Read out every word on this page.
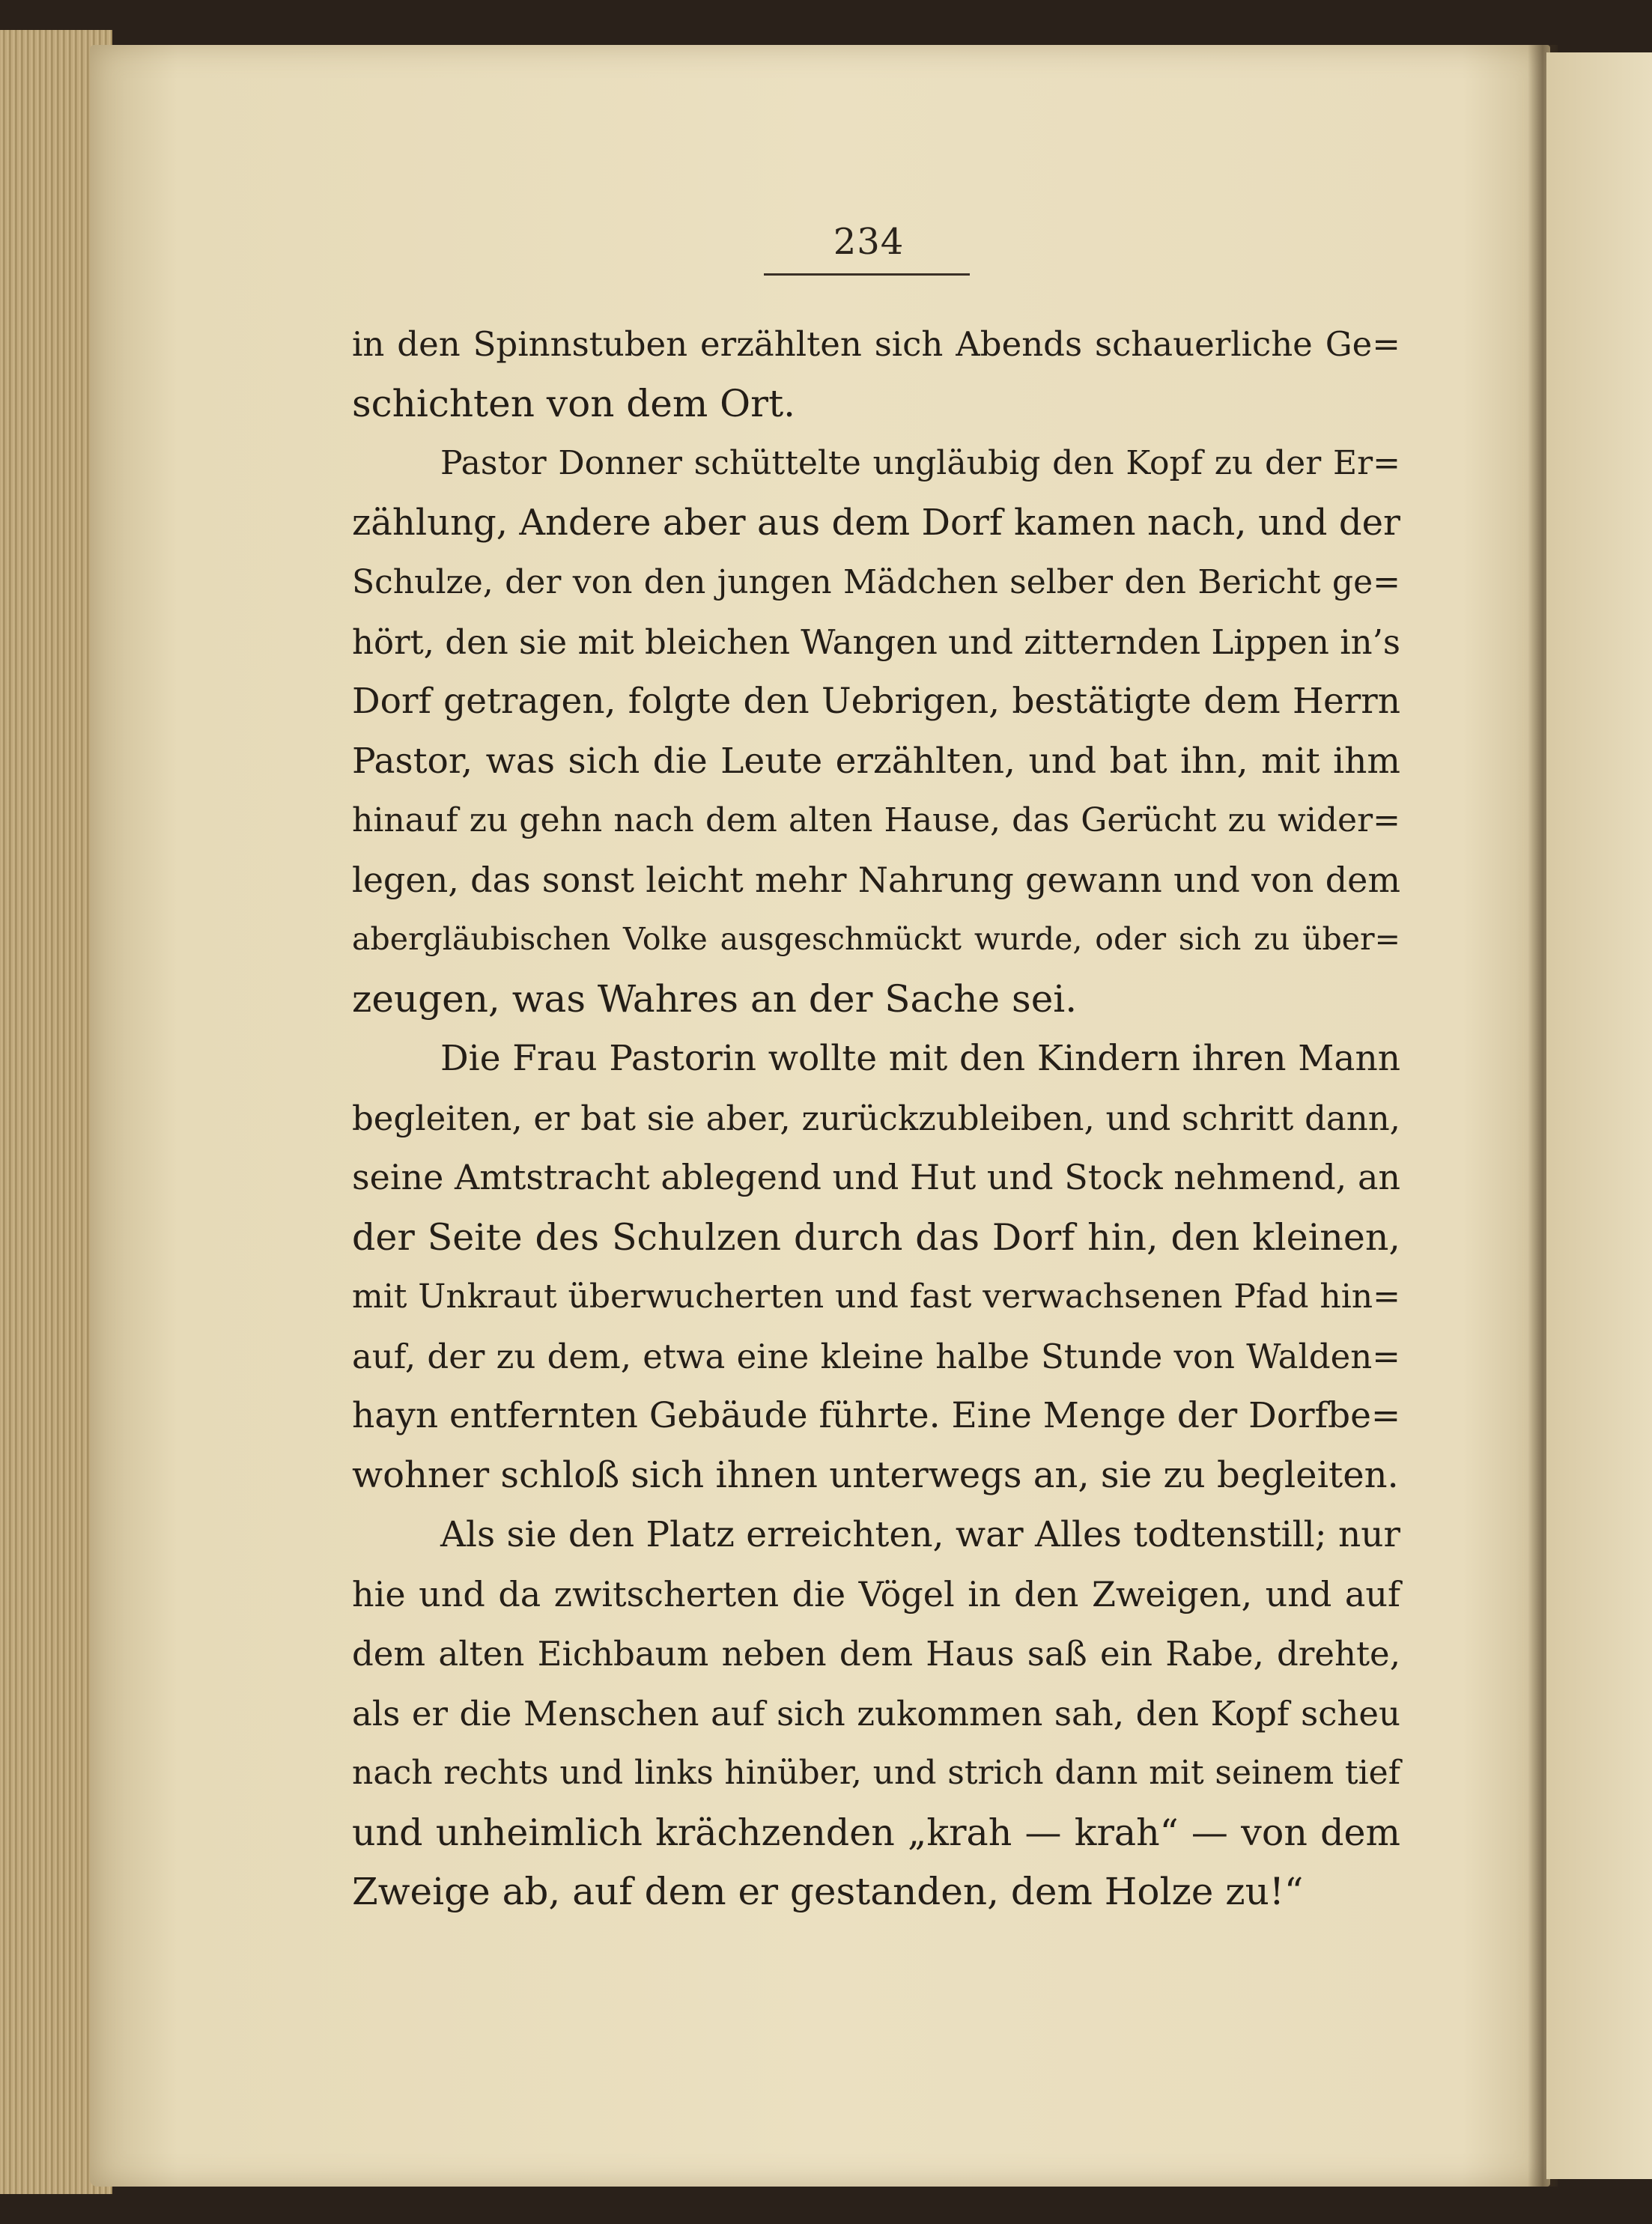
234
in den Spinnstuben erzählten sich Abends schauerliche Ge=
schichten von dem Ort.
Pastor Donner schüttelte ungläubig den Kopf zu der Er=
zählung, Andere aber aus dem Dorf kamen nach, und der
Schulze, der von den jungen Mädchen selber den Bericht ge=
hört, den sie mit bleichen Wangen und zitternden Lippen in’s
Dorf getragen, folgte den Uebrigen, bestätigte dem Herrn
Pastor, was sich die Leute erzählten, und bat ihn, mit ihm
hinauf zu gehn nach dem alten Hause, das Gerücht zu wider=
legen, das sonst leicht mehr Nahrung gewann und von dem
abergläubischen Volke ausgeschmückt wurde, oder sich zu über=
zeugen, was Wahres an der Sache sei.
Die Frau Pastorin wollte mit den Kindern ihren Mann
begleiten, er bat sie aber, zurückzubleiben, und schritt dann,
seine Amtstracht ablegend und Hut und Stock nehmend, an
der Seite des Schulzen durch das Dorf hin, den kleinen,
mit Unkraut überwucherten und fast verwachsenen Pfad hin=
auf, der zu dem, etwa eine kleine halbe Stunde von Walden=
hayn entfernten Gebäude führte. Eine Menge der Dorfbe=
wohner schloß sich ihnen unterwegs an, sie zu begleiten.
Als sie den Platz erreichten, war Alles todtenstill; nur
hie und da zwitscherten die Vögel in den Zweigen, und auf
dem alten Eichbaum neben dem Haus saß ein Rabe, drehte,
als er die Menschen auf sich zukommen sah, den Kopf scheu
nach rechts und links hinüber, und strich dann mit seinem tief
und unheimlich krächzenden „krah — krah“ — von dem
Zweige ab, auf dem er gestanden, dem Holze zu!“
